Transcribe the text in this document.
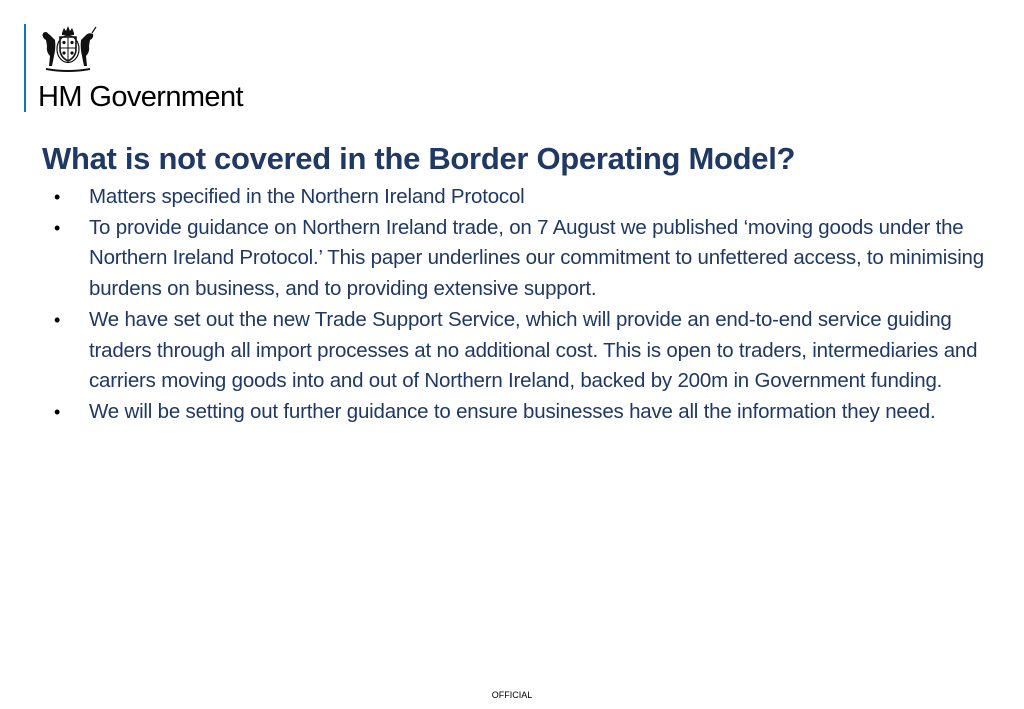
HM Government
What is not covered in the Border Operating Model?
• Matters specified in the Northern Ireland Protocol
• To provide guidance on Northern Ireland trade, on 7 August we published ‘moving goods under the Northern Ireland Protocol.’ This paper underlines our commitment to unfettered access, to minimising burdens on business, and to providing extensive support.
• We have set out the new Trade Support Service, which will provide an end-to-end service guiding traders through all import processes at no additional cost. This is open to traders, intermediaries and carriers moving goods into and out of Northern Ireland, backed by 200m in Government funding.
• We will be setting out further guidance to ensure businesses have all the information they need.
OFFICIAL
